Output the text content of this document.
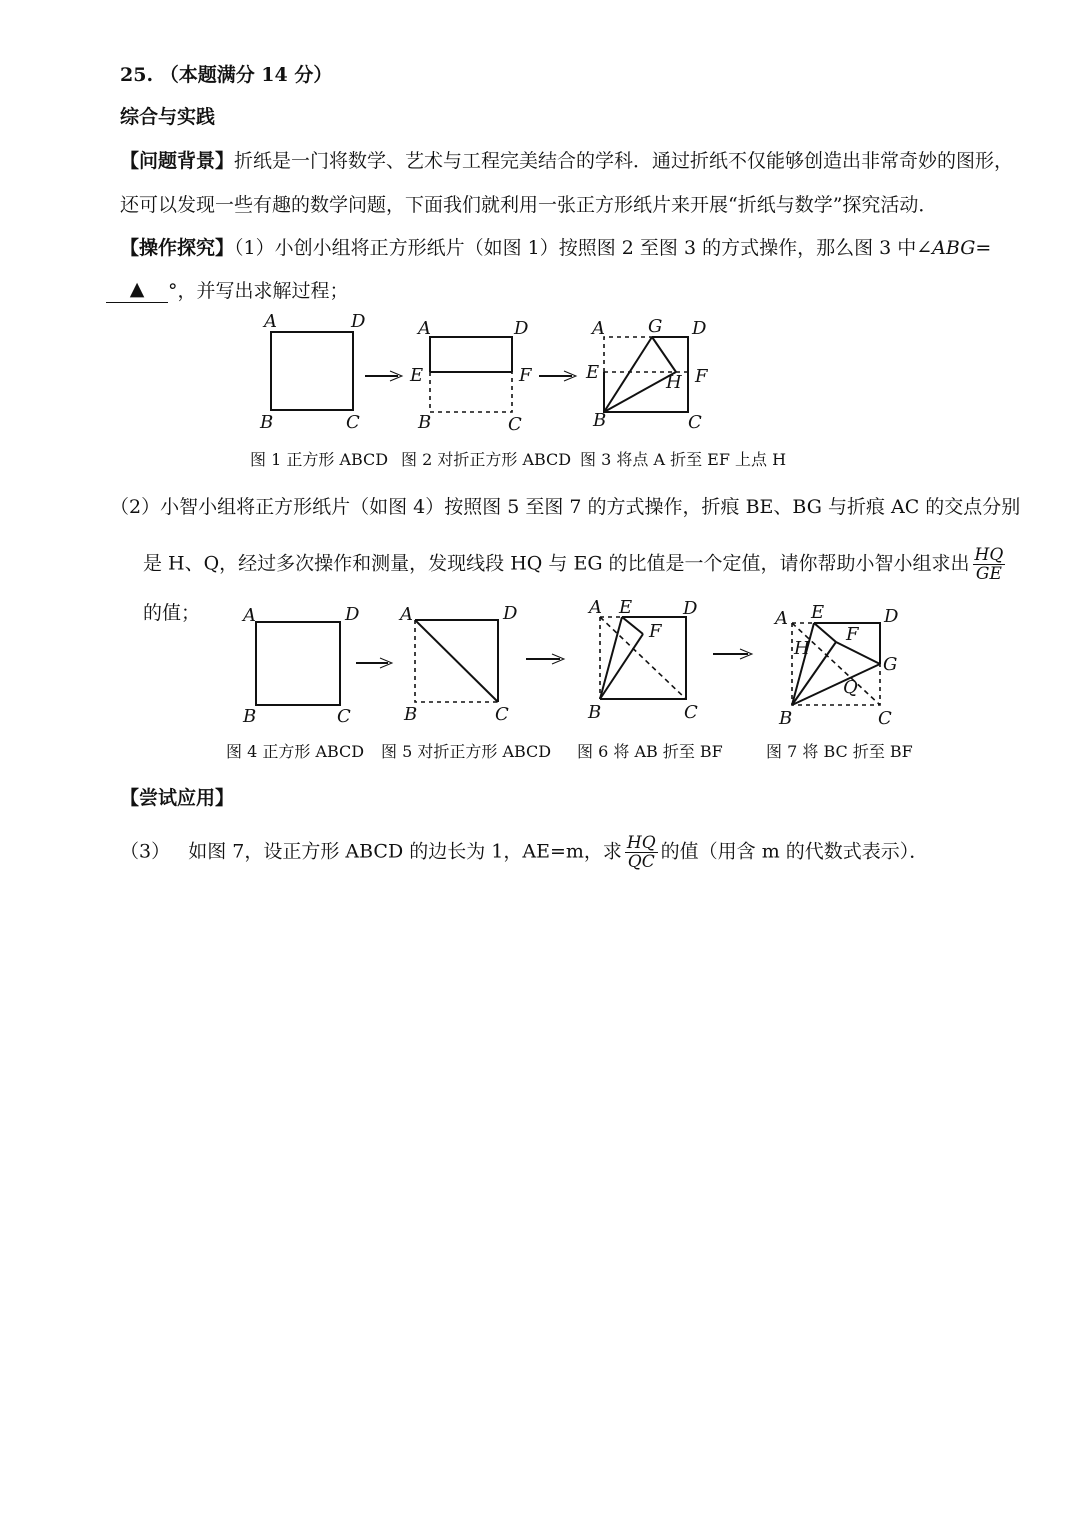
25. （本题满分 14 分）
综合与实践
【问题背景】折纸是一门将数学、艺术与工程完美结合的学科．通过折纸不仅能够创造出非常奇妙的图形，
还可以发现一些有趣的数学问题，下面我们就利用一张正方形纸片来开展“折纸与数学”探究活动．
【操作探究】（1）小创小组将正方形纸片（如图 1）按照图 2 至图 3 的方式操作，那么图 3 中∠ABG=
▲ °，并写出求解过程；
A	D
B	C
A	D
E	F
B	C
A G D
E	H F
B	C
图 1 正方形 ABCD 图 2 对折正方形 ABCD 图 3 将点 A 折至 EF 上点 H
（2）小智小组将正方形纸片（如图 4）按照图 5 至图 7 的方式操作，折痕 BE、BG 与折痕 AC 的交点分别
是 H、Q，经过多次操作和测量，发现线段 HQ 与 EG 的比值是一个定值，请你帮助小智小组求出 $\frac{HQ}{GE}$
的值； A	D
B	C
A	D
B	C
A E	D
F
B	C
A E	D
H
F
G
Q
B	C
图 4 正方形 ABCD 图 5 对折正方形 ABCD 图 6 将 AB 折至 BF	图 7 将 BC 折至 BF
【尝试应用】
（3） 如图 7，设正方形 ABCD 的边长为 1，AE=m，求 $\frac{HQ}{QC}$ 的值（用含 m 的代数式表示）．
